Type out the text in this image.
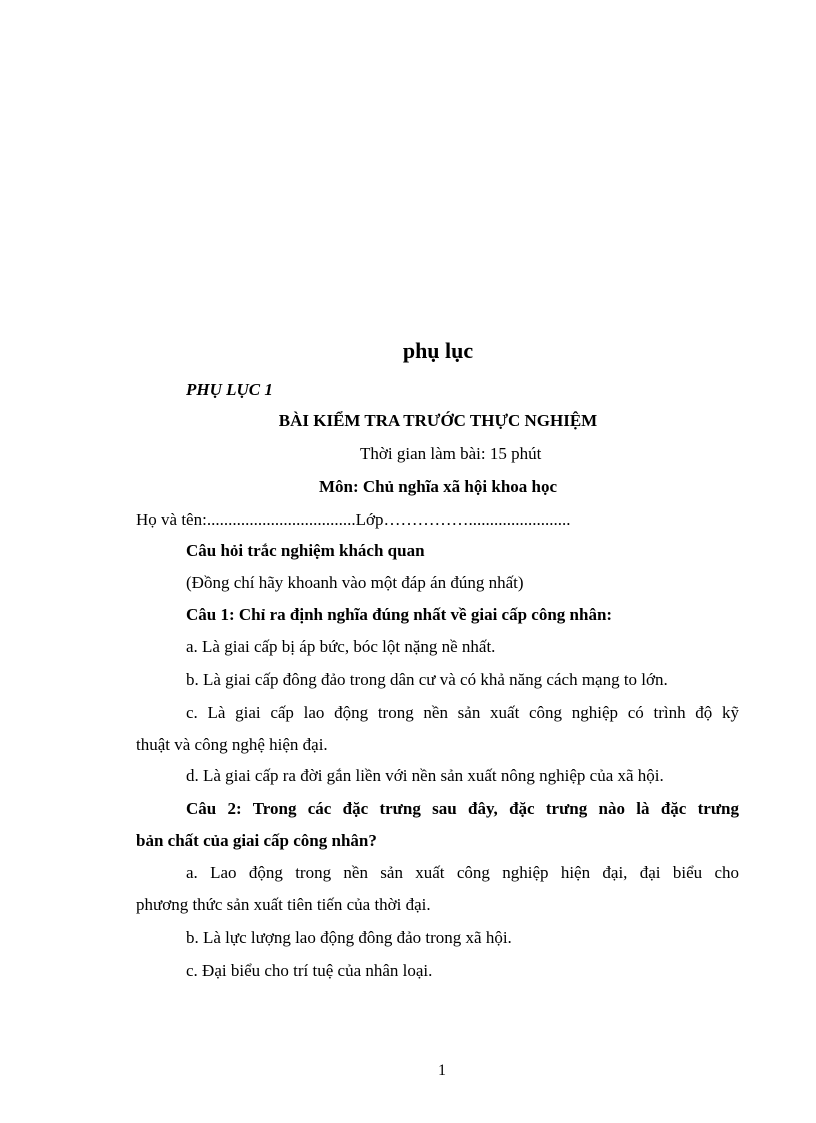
phụ lục
PHỤ LỤC 1
BÀI KIỂM TRA TRƯỚC THỰC NGHIỆM
Thời gian làm bài: 15 phút
Môn: Chủ nghĩa xã hội khoa học
Họ và tên:...................................Lớp……………........................
Câu hỏi trắc nghiệm khách quan
(Đồng chí hãy khoanh vào một đáp án đúng nhất)
Câu 1: Chỉ ra định nghĩa đúng nhất về giai cấp công nhân:
a. Là giai cấp bị áp bức, bóc lột nặng nề nhất.
b. Là giai cấp đông đảo trong dân cư và có khả năng cách mạng to lớn.
c. Là giai cấp lao động trong nền sản xuất công nghiệp có trình độ kỹ
thuật và công nghệ hiện đại.
d. Là giai cấp ra đời gắn liền với nền sản xuất nông nghiệp của xã hội.
Câu 2: Trong các đặc trưng sau đây, đặc trưng nào là đặc trưng
bản chất của giai cấp công nhân?
a. Lao động trong nền sản xuất công nghiệp hiện đại, đại biểu cho
phương thức sản xuất tiên tiến của thời đại.
b. Là lực lượng lao động đông đảo trong xã hội.
c. Đại biểu cho trí tuệ của nhân loại.
1
